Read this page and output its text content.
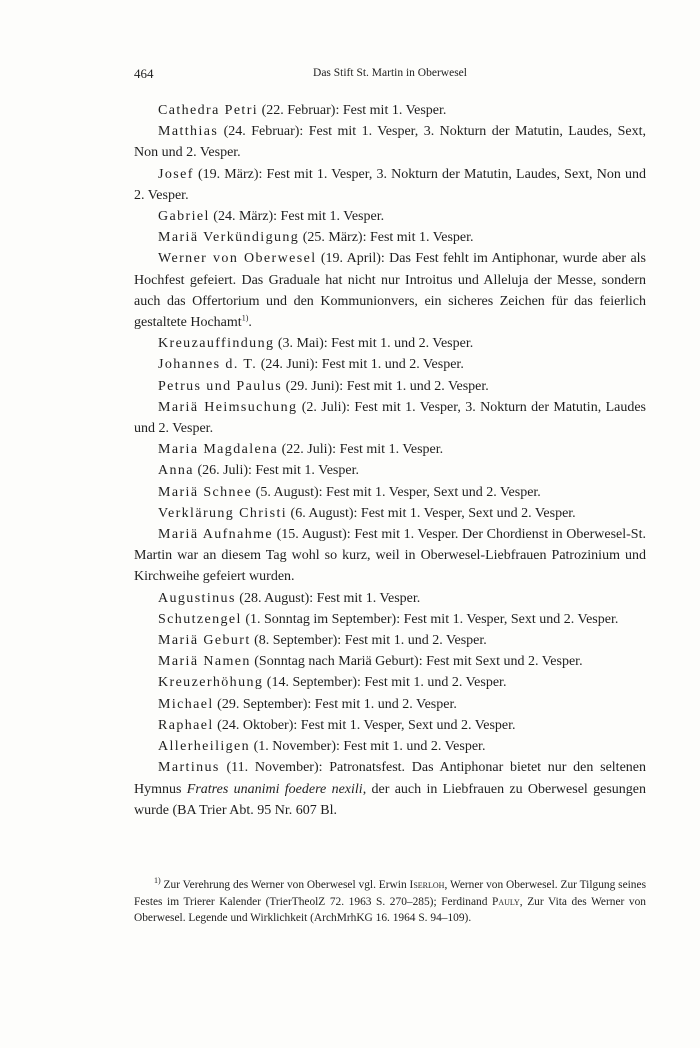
464	Das Stift St. Martin in Oberwesel

Cathedra Petri (22. Februar): Fest mit 1. Vesper.

Matthias (24. Februar): Fest mit 1. Vesper, 3. Nokturn der Matutin, Laudes, Sext, Non und 2. Vesper.

Josef (19. März): Fest mit 1. Vesper, 3. Nokturn der Matutin, Laudes, Sext, Non und 2. Vesper.

Gabriel (24. März): Fest mit 1. Vesper.

Mariä Verkündigung (25. März): Fest mit 1. Vesper.

Werner von Oberwesel (19. April): Das Fest fehlt im Antiphonar, wurde aber als Hochfest gefeiert. Das Graduale hat nicht nur Introitus und Alleluja der Messe, sondern auch das Offertorium und den Kommunionvers, ein sicheres Zeichen für das feierlich gestaltete Hochamt$^{1)}$.

Kreuzauffindung (3. Mai): Fest mit 1. und 2. Vesper.

Johannes d. T. (24. Juni): Fest mit 1. und 2. Vesper.

Petrus und Paulus (29. Juni): Fest mit 1. und 2. Vesper.

Mariä Heimsuchung (2. Juli): Fest mit 1. Vesper, 3. Nokturn der Matutin, Laudes und 2. Vesper.

Maria Magdalena (22. Juli): Fest mit 1. Vesper.

Anna (26. Juli): Fest mit 1. Vesper.

Mariä Schnee (5. August): Fest mit 1. Vesper, Sext und 2. Vesper.

Verklärung Christi (6. August): Fest mit 1. Vesper, Sext und 2. Vesper.

Mariä Aufnahme (15. August): Fest mit 1. Vesper. Der Chordienst in Oberwesel-St. Martin war an diesem Tag wohl so kurz, weil in Oberwesel-Liebfrauen Patrozinium und Kirchweihe gefeiert wurden.

Augustinus (28. August): Fest mit 1. Vesper.

Schutzengel (1. Sonntag im September): Fest mit 1. Vesper, Sext und 2. Vesper.

Mariä Geburt (8. September): Fest mit 1. und 2. Vesper.

Mariä Namen (Sonntag nach Mariä Geburt): Fest mit Sext und 2. Vesper.

Kreuzerhöhung (14. September): Fest mit 1. und 2. Vesper.

Michael (29. September): Fest mit 1. und 2. Vesper.

Raphael (24. Oktober): Fest mit 1. Vesper, Sext und 2. Vesper.

Allerheiligen (1. November): Fest mit 1. und 2. Vesper.

Martinus (11. November): Patronatsfest. Das Antiphonar bietet nur den seltenen Hymnus Fratres unanimi foedere nexili, der auch in Liebfrauen zu Oberwesel gesungen wurde (BA Trier Abt. 95 Nr. 607 Bl.

$^{1)}$ Zur Verehrung des Werner von Oberwesel vgl. Erwin Iserloh, Werner von Oberwesel. Zur Tilgung seines Festes im Trierer Kalender (TrierTheolZ 72. 1963 S. 270–285); Ferdinand Pauly, Zur Vita des Werner von Oberwesel. Legende und Wirklichkeit (ArchMrhKG 16. 1964 S. 94–109).
